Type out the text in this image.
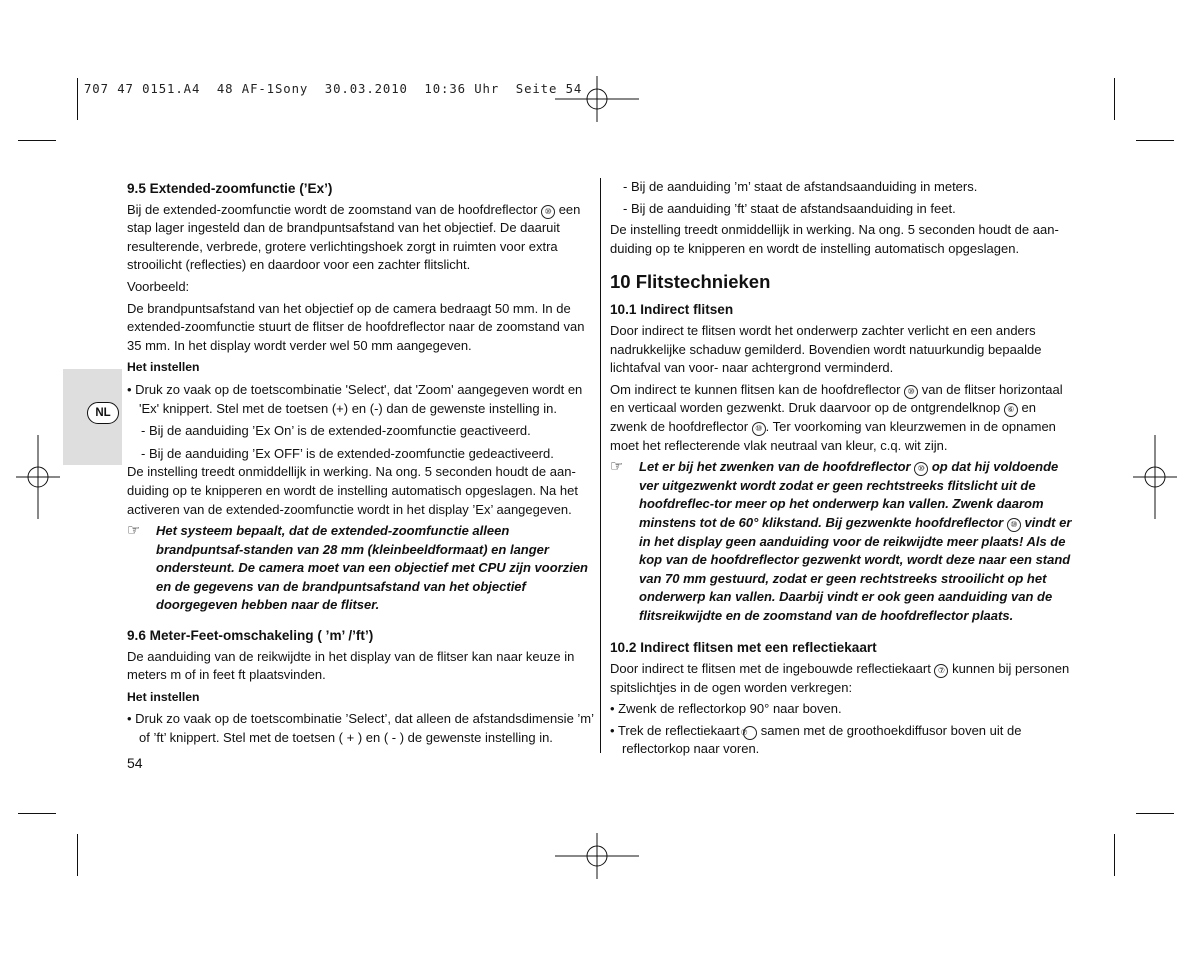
707 47 0151.A4  48 AF-1Sony  30.03.2010  10:36 Uhr  Seite 54
NL

9.5 Extended-zoomfunctie (’Ex’)

Bij de extended-zoomfunctie wordt de zoomstand van de hoofdreflector ⑩ een stap lager ingesteld dan de brandpuntsafstand van het objectief. De daaruit resulterende, verbrede, grotere verlichtingshoek zorgt in ruimten voor extra strooilicht (reflecties) en daardoor voor een zachter flitslicht.

Voorbeeld:

De brandpuntsafstand van het objectief op de camera bedraagt 50 mm. In de extended-zoomfunctie stuurt de flitser de hoofdreflector naar de zoomstand van 35 mm. In het display wordt verder wel 50 mm aangegeven.

Het instellen

• Druk zo vaak op de toetscombinatie 'Select', dat 'Zoom' aangegeven wordt en 'Ex' knippert. Stel met de toetsen (+) en (-) dan de gewenste instelling in.

- Bij de aanduiding ’Ex On’ is de extended-zoomfunctie geactiveerd.

- Bij de aanduiding ’Ex OFF’ is de extended-zoomfunctie gedeactiveerd.

De instelling treedt onmiddellijk in werking. Na ong. 5 seconden houdt de aan-duiding op te knipperen en wordt de instelling automatisch opgeslagen. Na het activeren van de extended-zoomfunctie wordt in het display ’Ex’ aangegeven.

☞ Het systeem bepaalt, dat de extended-zoomfunctie alleen brandpuntsaf-standen van 28 mm (kleinbeeldformaat) en langer ondersteunt. De camera moet van een objectief met CPU zijn voorzien en de gegevens van de brandpuntsafstand van het objectief doorgegeven hebben naar de flitser.

9.6 Meter-Feet-omschakeling ( ’m’ /’ft’)

De aanduiding van de reikwijdte in het display van de flitser kan naar keuze in meters m of in feet ft plaatsvinden.

Het instellen

• Druk zo vaak op de toetscombinatie ’Select’, dat alleen de afstandsdimensie ’m’ of ’ft’ knippert. Stel met de toetsen ( + ) en ( - ) de gewenste instelling in.

54

- Bij de aanduiding ’m’ staat de afstandsaanduiding in meters.

- Bij de aanduiding ’ft’ staat de afstandsaanduiding in feet.

De instelling treedt onmiddellijk in werking. Na ong. 5 seconden houdt de aan-duiding op te knipperen en wordt de instelling automatisch opgeslagen.

10 Flitstechnieken

10.1 Indirect flitsen

Door indirect te flitsen wordt het onderwerp zachter verlicht en een anders nadrukkelijke schaduw gemilderd. Bovendien wordt natuurkundig bepaalde lichtafval van voor- naar achtergrond verminderd.

Om indirect te kunnen flitsen kan de hoofdreflector ⑩ van de flitser horizontaal en verticaal worden gezwenkt. Druk daarvoor op de ontgrendelknop ⑥ en zwenk de hoofdreflector ⑩ . Ter voorkoming van kleurzwemen in de opnamen moet het reflecterende vlak neutraal van kleur, c.q. wit zijn.

☞ Let er bij het zwenken van de hoofdreflector ⑩ op dat hij voldoende ver uitgezwenkt wordt zodat er geen rechtstreeks flitslicht uit de hoofdreflec-tor meer op het onderwerp kan vallen. Zwenk daarom minstens tot de 60° klikstand. Bij gezwenkte hoofdreflector ⑩ vindt er in het display geen aanduiding voor de reikwijdte meer plaats! Als de kop van de hoofdreflector gezwenkt wordt, wordt deze naar een stand van 70 mm gestuurd, zodat er geen rechtstreeks strooilicht op het onderwerp kan vallen. Daarbij vindt er ook geen aanduiding van de flitsreikwijdte en de zoomstand van de hoofdreflector plaats.

10.2 Indirect flitsen met een reflectiekaart

Door indirect te flitsen met de ingebouwde reflectiekaart ⑦ kunnen bij personen spitslichtjes in de ogen worden verkregen:

• Zwenk de reflectorkop 90° naar boven.

• Trek de reflectiekaart ⑦ samen met de groothoekdiffusor boven uit de reflectorkop naar voren.
